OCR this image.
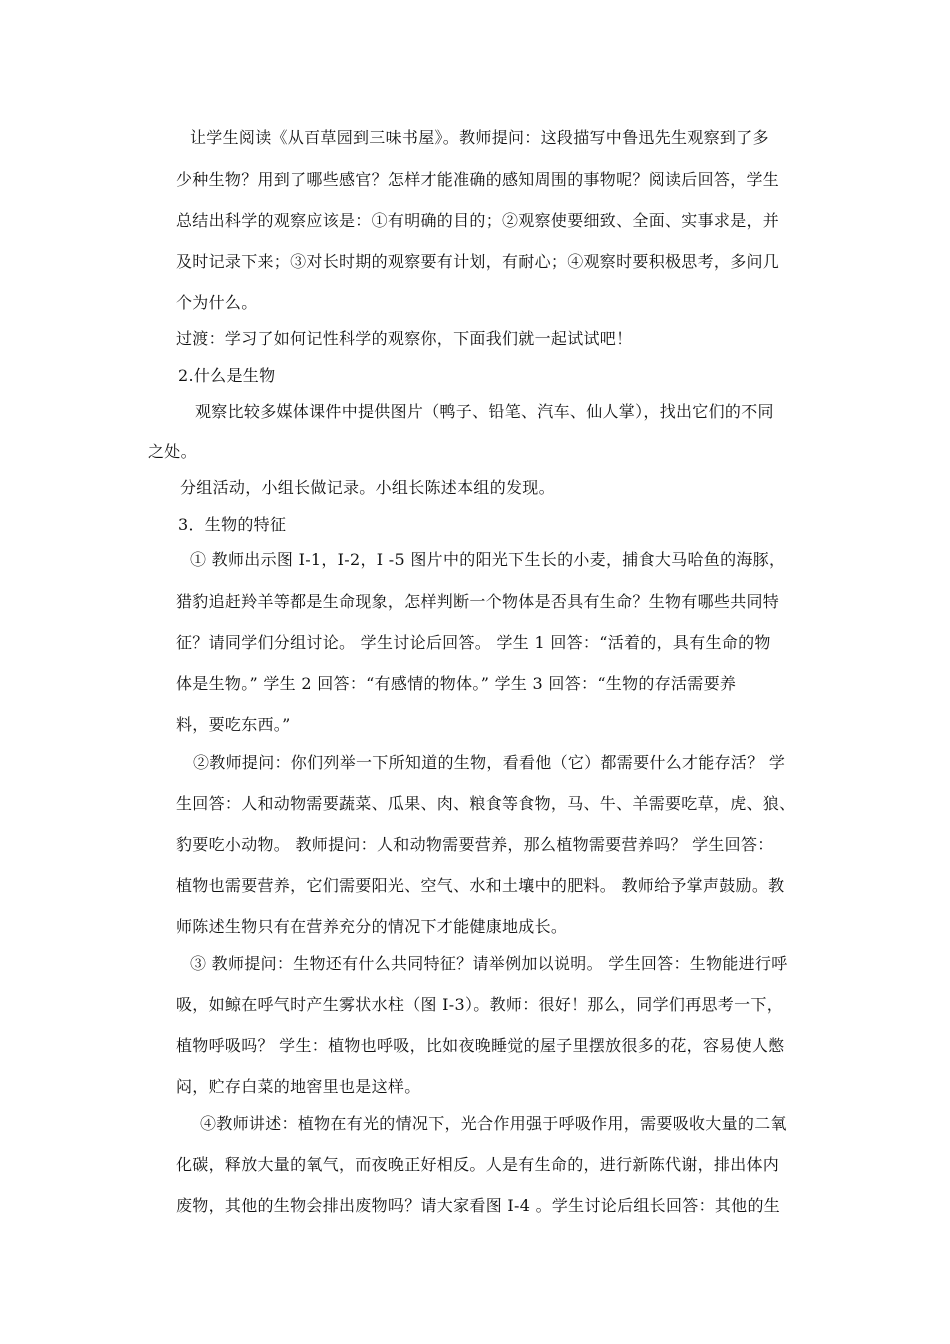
让学生阅读《从百草园到三味书屋》。教师提问：这段描写中鲁迅先生观察到了多
少种生物？用到了哪些感官？怎样才能准确的感知周围的事物呢？阅读后回答，学生
总结出科学的观察应该是：①有明确的目的；②观察使要细致、全面、实事求是，并
及时记录下来；③对长时期的观察要有计划，有耐心；④观察时要积极思考，多问几
个为什么。
过渡：学习了如何记性科学的观察你，下面我们就一起试试吧！
2.什么是生物
观察比较多媒体课件中提供图片（鸭子、铅笔、汽车、仙人掌），找出它们的不同
之处。
分组活动，小组长做记录。小组长陈述本组的发现。
3．生物的特征
① 教师出示图 I-1，I-2，I -5 图片中的阳光下生长的小麦，捕食大马哈鱼的海豚，
猎豹追赶羚羊等都是生命现象，怎样判断一个物体是否具有生命？生物有哪些共同特
征？请同学们分组讨论。 学生讨论后回答。 学生 1 回答：“活着的，具有生命的物
体是生物。” 学生 2 回答：“有感情的物体。” 学生 3 回答：“生物的存活需要养
料，要吃东西。”
②教师提问：你们列举一下所知道的生物，看看他（它）都需要什么才能存活？ 学
生回答：人和动物需要蔬菜、瓜果、肉、粮食等食物，马、牛、羊需要吃草，虎、狼、
豹要吃小动物。 教师提问：人和动物需要营养，那么植物需要营养吗？ 学生回答：
植物也需要营养，它们需要阳光、空气、水和土壤中的肥料。 教师给予掌声鼓励。教
师陈述生物只有在营养充分的情况下才能健康地成长。
③ 教师提问：生物还有什么共同特征？请举例加以说明。 学生回答：生物能进行呼
吸，如鲸在呼气时产生雾状水柱（图 I-3）。教师：很好！那么，同学们再思考一下，
植物呼吸吗？ 学生：植物也呼吸，比如夜晚睡觉的屋子里摆放很多的花，容易使人憋
闷，贮存白菜的地窖里也是这样。
④教师讲述：植物在有光的情况下，光合作用强于呼吸作用，需要吸收大量的二氧
化碳，释放大量的氧气，而夜晚正好相反。人是有生命的，进行新陈代谢，排出体内
废物，其他的生物会排出废物吗？请大家看图 I-4 。学生讨论后组长回答：其他的生
